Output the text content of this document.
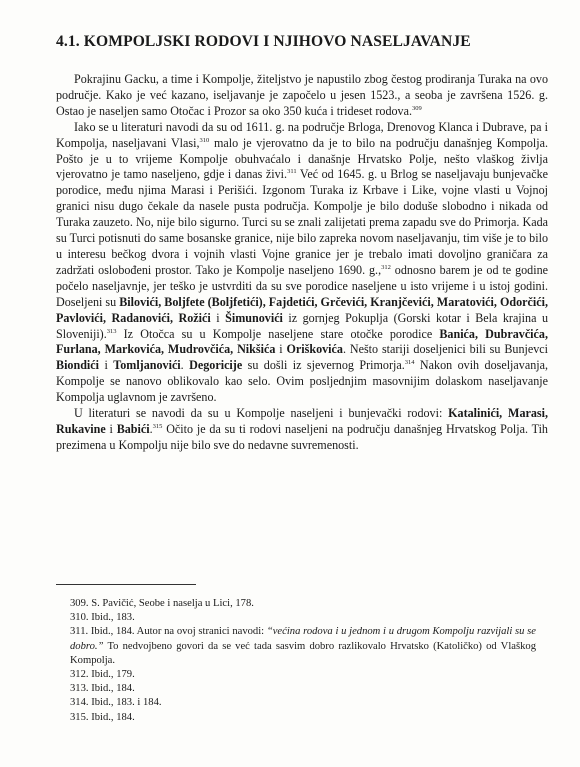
4.1. KOMPOLJSKI RODOVI I NJIHOVO NASELJAVANJE

Pokrajinu Gacku, a time i Kompolje, žiteljstvo je napustilo zbog čestog prodiranja Turaka na ovo područje. Kako je već kazano, iseljavanje je započelo u jesen 1523., a seoba je završena 1526. g. Ostao je naseljen samo Otočac i Prozor sa oko 350 kuća i trideset rodova.$^{309}$

Iako se u literaturi navodi da su od 1611. g. na područje Brloga, Drenovog Klanca i Dubrave, pa i Kompolja, naseljavani Vlasi,$^{310}$ malo je vjerovatno da je to bilo na području današnjeg Kompolja. Pošto je u to vrijeme Kompolje obuhvaćalo i današnje Hrvatsko Polje, nešto vlaškog življa vjerovatno je tamo naseljeno, gdje i danas živi.$^{311}$ Već od 1645. g. u Brlog se naseljavaju bunjevačke porodice, među njima Marasi i Perišići. Izgonom Turaka iz Krbave i Like, vojne vlasti u Vojnoj granici nisu dugo čekale da nasele pusta područja. Kompolje je bilo doduše slobodno i nikada od Turaka zauzeto. No, nije bilo sigurno. Turci su se znali zalijetati prema zapadu sve do Primorja. Kada su Turci potisnuti do same bosanske granice, nije bilo zapreka novom naseljavanju, tim više je to bilo u interesu bečkog dvora i vojnih vlasti Vojne granice jer je trebalo imati dovoljno graničara za zadržati oslobođeni prostor. Tako je Kompolje naseljeno 1690. g.,$^{312}$ odnosno barem je od te godine počelo naseljavnje, jer teško je ustvrditi da su sve porodice naseljene u isto vrijeme i u istoj godini. Doseljeni su Bilovići, Boljfete (Boljfetići), Fajdetići, Grčevići, Kranjčevići, Maratovići, Odorčići, Pavlovići, Radanovići, Rožići i Šimunovići iz gornjeg Pokuplja (Gorski kotar i Bela krajina u Sloveniji).$^{313}$ Iz Otočca su u Kompolje naseljene stare otočke porodice Banića, Dubravčića, Furlana, Markovića, Mudrovčića, Nikšića i Oriškovića. Nešto stariji doseljenici bili su Bunjevci Biondići i Tomljanovići. Degoricije su došli iz sjevernog Primorja.$^{314}$ Nakon ovih doseljavanja, Kompolje se nanovo oblikovalo kao selo. Ovim posljednjim masovnijim dolaskom naseljavanje Kompolja uglavnom je završeno.

U literaturi se navodi da su u Kompolje naseljeni i bunjevački rodovi: Katalinići, Marasi, Rukavine i Babići.$^{315}$ Očito je da su ti rodovi naseljeni na području današnjeg Hrvatskog Polja. Tih prezimena u Kompolju nije bilo sve do nedavne suvremenosti.

309. S. Pavičić, Seobe i naselja u Lici, 178.
310. Ibid., 183.
311. Ibid., 184. Autor na ovoj stranici navodi: “većina rodova i u jednom i u drugom Kompolju razvijali su se dobro.” To nedvojbeno govori da se već tada sasvim dobro razlikovalo Hrvatsko (Katoličko) od Vlaškog Kompolja.
312. Ibid., 179.
313. Ibid., 184.
314. Ibid., 183. i 184.
315. Ibid., 184.
